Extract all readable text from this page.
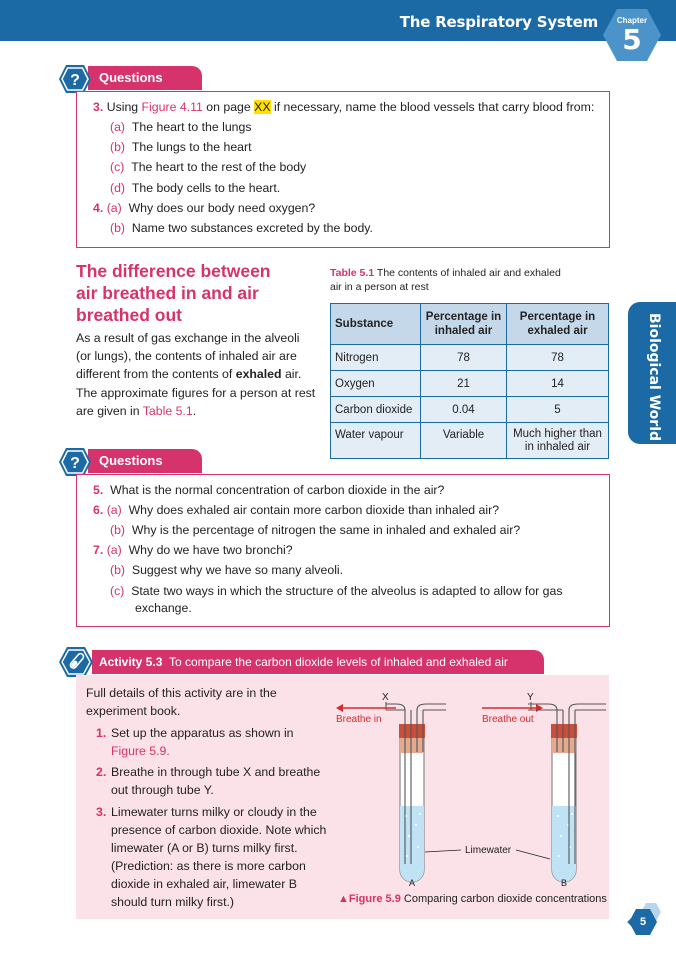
The Respiratory System	Chapter
5
Biological World
Questions
?
3. Using Figure 4.11 on page XX if necessary, name the blood vessels that carry blood from:
(a) The heart to the lungs
(b) The lungs to the heart
(c) The heart to the rest of the body
(d) The body cells to the heart.
4. (a) Why does our body need oxygen?
(b) Name two substances excreted by the body.
The difference between
air breathed in and air
breathed out
As a result of gas exchange in the alveoli
(or lungs), the contents of inhaled air are
different from the contents of exhaled air.
The approximate figures for a person at rest
are given in Table 5.1.
Table 5.1 The contents of inhaled air and exhaled
air in a person at rest
Substance	Percentage in inhaled air	Percentage in exhaled air
Nitrogen	78	78
Oxygen	21	14
Carbon dioxide	0.04	5
Water vapour	Variable	Much higher than in inhaled air
Questions
?
5. What is the normal concentration of carbon dioxide in the air?
6. (a) Why does exhaled air contain more carbon dioxide than inhaled air?
(b) Why is the percentage of nitrogen the same in inhaled and exhaled air?
7. (a) Why do we have two bronchi?
(b) Suggest why we have so many alveoli.
(c) State two ways in which the structure of the alveolus is adapted to allow for gas
exchange.
Activity 5.3 To compare the carbon dioxide levels of inhaled and exhaled air
Full details of this activity are in the
experiment book.
1. Set up the apparatus as shown in
Figure 5.9.
2. Breathe in through tube X and breathe
out through tube Y.
3. Limewater turns milky or cloudy in the
presence of carbon dioxide. Note which
limewater (A or B) turns milky first.
(Prediction: as there is more carbon
dioxide in exhaled air, limewater B
should turn milky first.)
X	Y
Breathe in	Breathe out
Limewater
A	B
▲Figure 5.9 Comparing carbon dioxide concentrations
5
